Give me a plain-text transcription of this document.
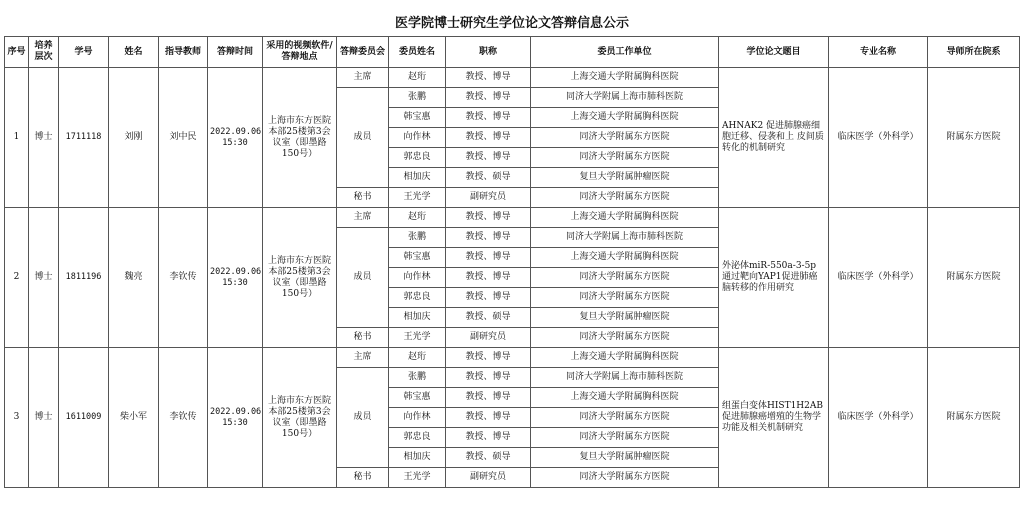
医学院博士研究生学位论文答辩信息公示
序号	培养层次	学号	姓名	指导教师	答辩时间	采用的视频软件/答辩地点	答辩委员会	委员姓名	职称	委员工作单位	学位论文题目	专业名称	导师所在院系
1	博士	1711118	刘刚	刘中民	2022.09.06 15:30	上海市东方医院本部25楼第3会议室（即墨路150号）	主席	赵珩	教授、博导	上海交通大学附属胸科医院	AHNAK2 促进肺腺癌细胞迁移、侵袭和上 皮间质转化的机制研究	临床医学（外科学）	附属东方医院
							成员	张鹏	教授、博导	同济大学附属上海市肺科医院			
								韩宝惠	教授、博导	上海交通大学附属胸科医院			
								向作林	教授、博导	同济大学附属东方医院			
								郭忠良	教授、博导	同济大学附属东方医院			
								相加庆	教授、硕导	复旦大学附属肿瘤医院			
							秘书	王光学	副研究员	同济大学附属东方医院			
2	博士	1811196	魏亮	李钦传	2022.09.06 15:30	上海市东方医院本部25楼第3会议室（即墨路150号）	主席	赵珩	教授、博导	上海交通大学附属胸科医院	外泌体miR-550a-3-5p通过靶向YAP1促进肺癌脑转移的作用研究	临床医学（外科学）	附属东方医院
							成员	张鹏	教授、博导	同济大学附属上海市肺科医院			
								韩宝惠	教授、博导	上海交通大学附属胸科医院			
								向作林	教授、博导	同济大学附属东方医院			
								郭忠良	教授、博导	同济大学附属东方医院			
								相加庆	教授、硕导	复旦大学附属肿瘤医院			
							秘书	王光学	副研究员	同济大学附属东方医院			
3	博士	1611009	柴小军	李钦传	2022.09.06 15:30	上海市东方医院本部25楼第3会议室（即墨路150号）	主席	赵珩	教授、博导	上海交通大学附属胸科医院	组蛋白变体HIST1H2AB促进肺腺癌增殖的生物学功能及相关机制研究	临床医学（外科学）	附属东方医院
							成员	张鹏	教授、博导	同济大学附属上海市肺科医院			
								韩宝惠	教授、博导	上海交通大学附属胸科医院			
								向作林	教授、博导	同济大学附属东方医院			
								郭忠良	教授、博导	同济大学附属东方医院			
								相加庆	教授、硕导	复旦大学附属肿瘤医院			
							秘书	王光学	副研究员	同济大学附属东方医院			
